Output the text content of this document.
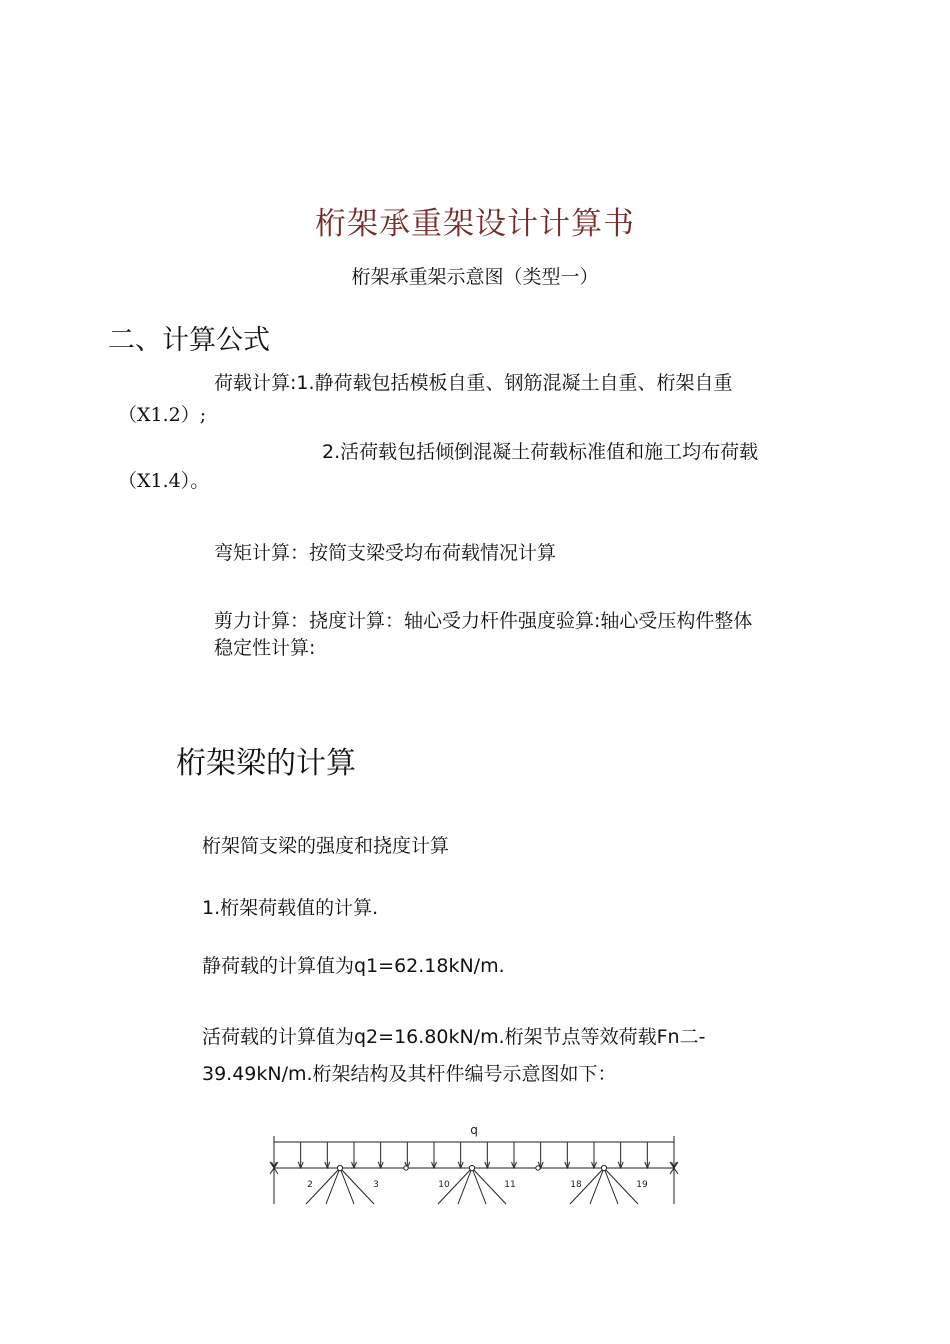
桁架承重架设计计算书
桁架承重架示意图（类型一）
二、计算公式
荷载计算:1.静荷载包括模板自重、钢筋混凝土自重、桁架自重
（X1.2）;
2.活荷载包括倾倒混凝土荷载标准值和施工均布荷载
（X1.4）。
弯矩计算：按简支梁受均布荷载情况计算
剪力计算：挠度计算：轴心受力杆件强度验算:轴心受压构件整体
稳定性计算:
桁架梁的计算
桁架简支梁的强度和挠度计算
1.桁架荷载值的计算.
静荷载的计算值为q1=62.18kN/m.
活荷载的计算值为q2=16.80kN/m.桁架节点等效荷载Fn二-
39.49kN/m.桁架结构及其杆件编号示意图如下：
q
2	3	10	11	18	19
